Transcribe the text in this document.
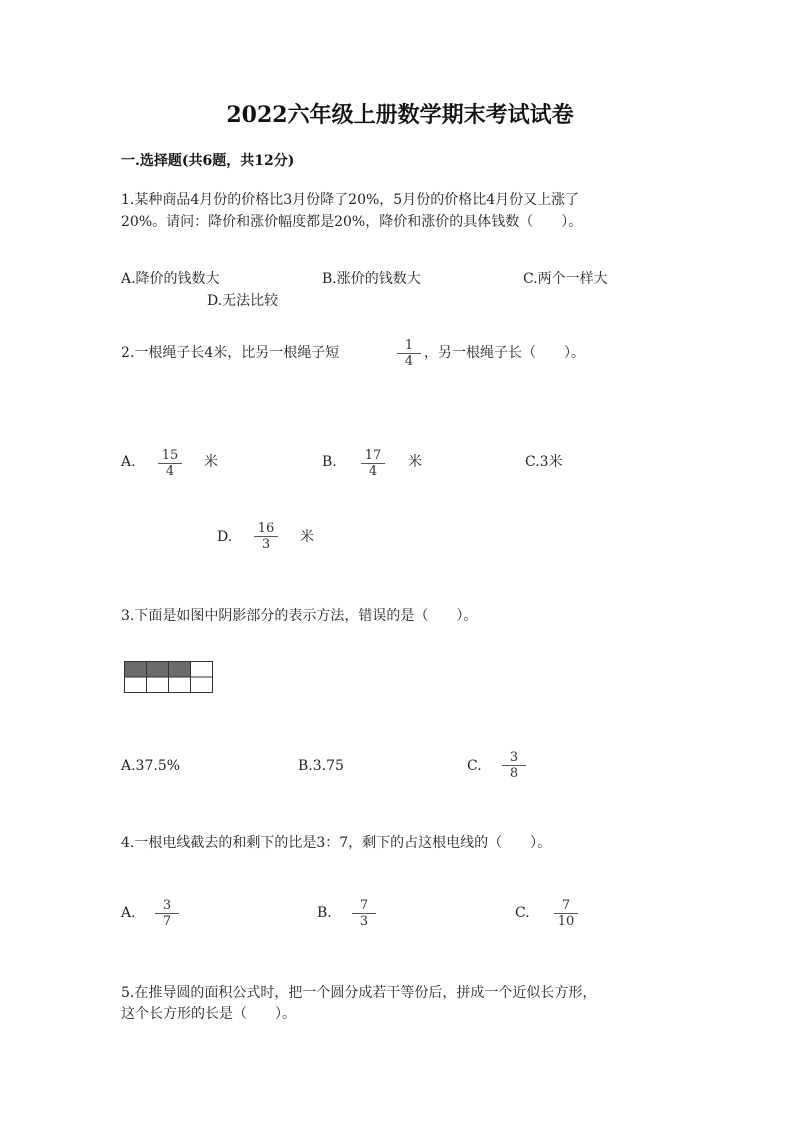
2022六年级上册数学期末考试试卷
一.选择题(共6题，共12分)
1.某种商品4月份的价格比3月份降了20%，5月份的价格比4月份又上涨了
20%。请问：降价和涨价幅度都是20%，降价和涨价的具体钱数（　　）。
A.降价的钱数大	B.涨价的钱数大	C.两个一样大
D.无法比较
2.一根绳子长4米，比另一根绳子短	1
4
，另一根绳子长（　　）。
A. 15
4
米	B. 17
4
米	C.3米
D.
16
3 米
3.下面是如图中阴影部分的表示方法，错误的是（　　）。
A.37.5%	B.3.75	C.
3
8
4.一根电线截去的和剩下的比是3：7，剩下的占这根电线的（　　）。
A. 3
7
B. 7
3
C. 7
10
5.在推导圆的面积公式时，把一个圆分成若干等份后，拼成一个近似长方形，
这个长方形的长是（　　）。
